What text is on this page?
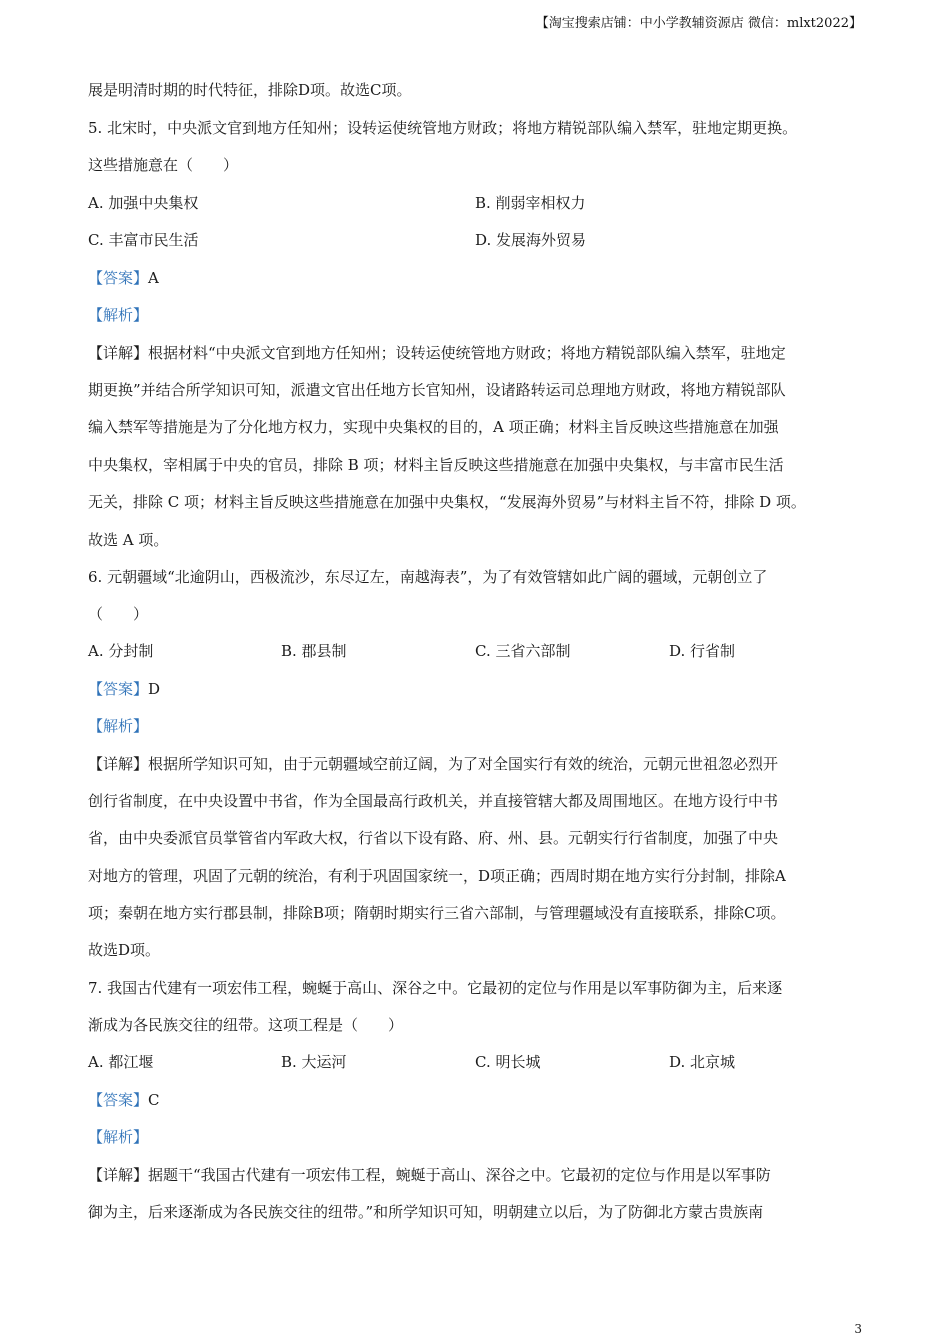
【淘宝搜索店铺：中小学教辅资源店 微信：mlxt2022】
展是明清时期的时代特征，排除D项。故选C项。
5. 北宋时，中央派文官到地方任知州；设转运使统管地方财政；将地方精锐部队编入禁军，驻地定期更换。
这些措施意在（　　）
A. 加强中央集权	B. 削弱宰相权力
C. 丰富市民生活	D. 发展海外贸易
【答案】A
【解析】
【详解】根据材料“中央派文官到地方任知州；设转运使统管地方财政；将地方精锐部队编入禁军，驻地定
期更换”并结合所学知识可知，派遣文官出任地方长官知州，设诸路转运司总理地方财政，将地方精锐部队
编入禁军等措施是为了分化地方权力，实现中央集权的目的，A 项正确；材料主旨反映这些措施意在加强
中央集权，宰相属于中央的官员，排除 B 项；材料主旨反映这些措施意在加强中央集权，与丰富市民生活
无关，排除 C 项；材料主旨反映这些措施意在加强中央集权，“发展海外贸易”与材料主旨不符，排除 D 项。
故选 A 项。
6. 元朝疆域“北逾阴山，西极流沙，东尽辽左，南越海表”，为了有效管辖如此广阔的疆域，元朝创立了
（　　）
A. 分封制	B. 郡县制	C. 三省六部制	D. 行省制
【答案】D
【解析】
【详解】根据所学知识可知，由于元朝疆域空前辽阔，为了对全国实行有效的统治，元朝元世祖忽必烈开
创行省制度，在中央设置中书省，作为全国最高行政机关，并直接管辖大都及周围地区。在地方设行中书
省，由中央委派官员掌管省内军政大权，行省以下设有路、府、州、县。元朝实行行省制度，加强了中央
对地方的管理，巩固了元朝的统治，有利于巩固国家统一，D项正确；西周时期在地方实行分封制，排除A
项；秦朝在地方实行郡县制，排除B项；隋朝时期实行三省六部制，与管理疆域没有直接联系，排除C项。
故选D项。
7. 我国古代建有一项宏伟工程，蜿蜒于高山、深谷之中。它最初的定位与作用是以军事防御为主，后来逐
渐成为各民族交往的纽带。这项工程是（　　）
A. 都江堰	B. 大运河	C. 明长城	D. 北京城
【答案】C
【解析】
【详解】据题干“我国古代建有一项宏伟工程，蜿蜒于高山、深谷之中。它最初的定位与作用是以军事防
御为主，后来逐渐成为各民族交往的纽带。”和所学知识可知，明朝建立以后，为了防御北方蒙古贵族南
3
